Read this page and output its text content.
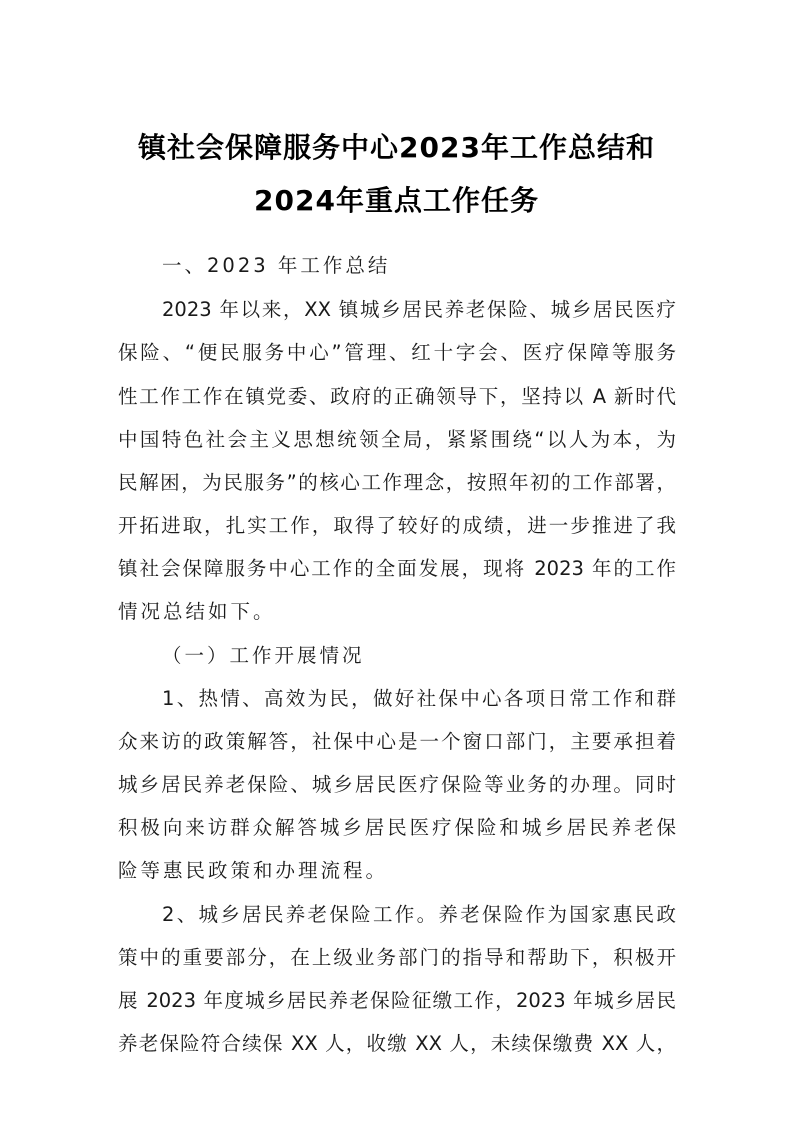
镇社会保障服务中心2023年工作总结和
2024年重点工作任务
一、2023 年工作总结
2023 年以来，XX 镇城乡居民养老保险、城乡居民医疗
保险、“便民服务中心”管理、红十字会、医疗保障等服务
性工作工作在镇党委、政府的正确领导下，坚持以 A 新时代
中国特色社会主义思想统领全局，紧紧围绕“以人为本，为
民解困，为民服务”的核心工作理念，按照年初的工作部署，
开拓进取，扎实工作，取得了较好的成绩，进一步推进了我
镇社会保障服务中心工作的全面发展，现将 2023 年的工作
情况总结如下。
（一）工作开展情况
1、热情、高效为民，做好社保中心各项日常工作和群
众来访的政策解答，社保中心是一个窗口部门，主要承担着
城乡居民养老保险、城乡居民医疗保险等业务的办理。同时
积极向来访群众解答城乡居民医疗保险和城乡居民养老保
险等惠民政策和办理流程。
2、城乡居民养老保险工作。养老保险作为国家惠民政
策中的重要部分，在上级业务部门的指导和帮助下，积极开
展 2023 年度城乡居民养老保险征缴工作，2023 年城乡居民
养老保险符合续保 XX 人，收缴 XX 人，未续保缴费 XX 人，
